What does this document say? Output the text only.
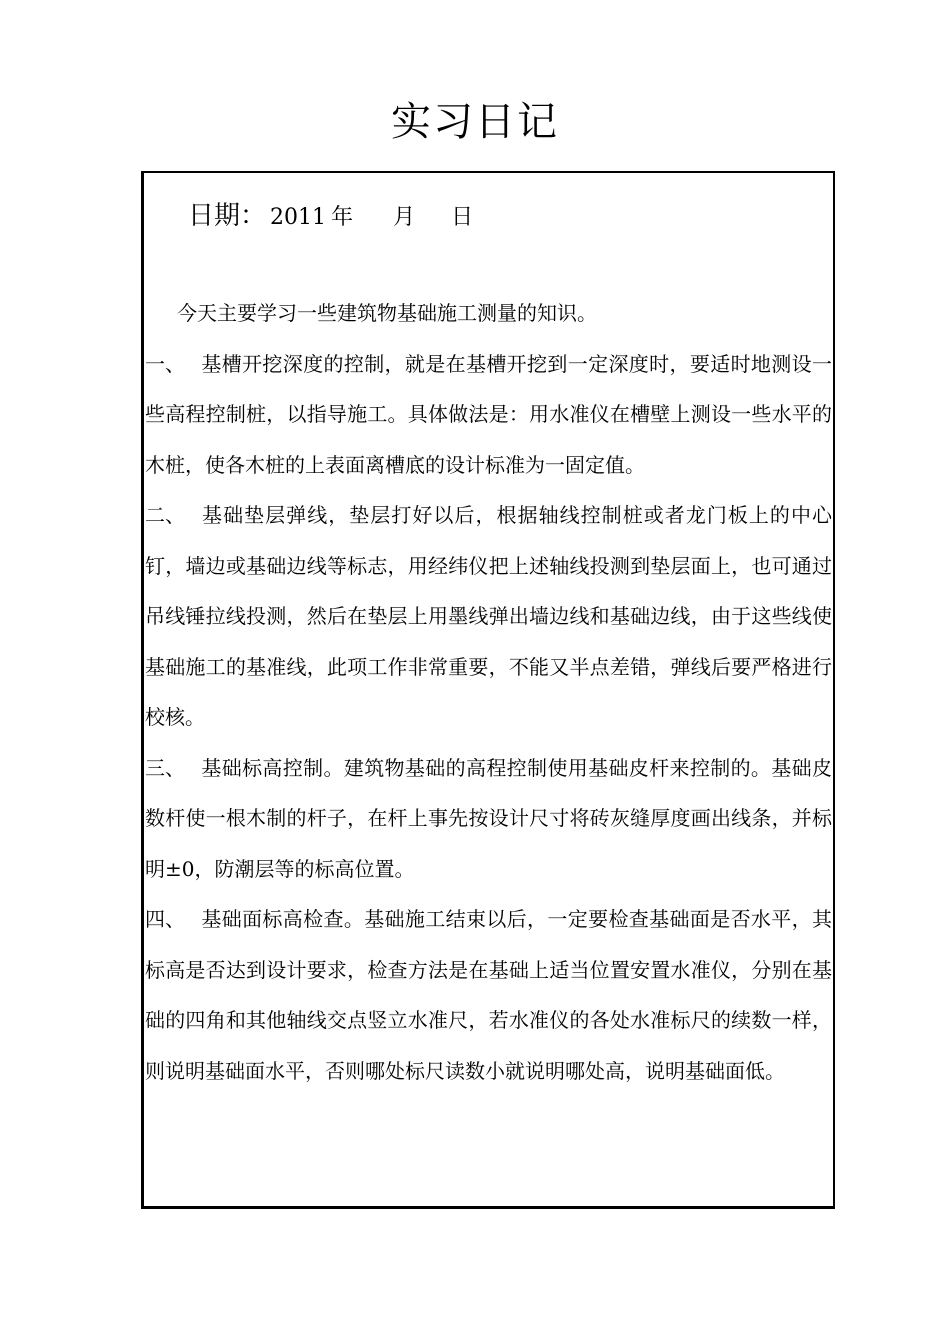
实习日记
日期： 2011 年 月 日

今天主要学习一些建筑物基础施工测量的知识。

一、 基槽开挖深度的控制，就是在基槽开挖到一定深度时，要适时地测设一些高程控制桩，以指导施工。具体做法是：用水准仪在槽壁上测设一些水平的木桩，使各木桩的上表面离槽底的设计标准为一固定值。

二、 基础垫层弹线，垫层打好以后，根据轴线控制桩或者龙门板上的中心钉，墙边或基础边线等标志，用经纬仪把上述轴线投测到垫层面上，也可通过吊线锤拉线投测，然后在垫层上用墨线弹出墙边线和基础边线，由于这些线使基础施工的基准线，此项工作非常重要，不能又半点差错，弹线后要严格进行校核。

三、 基础标高控制。建筑物基础的高程控制使用基础皮杆来控制的。基础皮数杆使一根木制的杆子，在杆上事先按设计尺寸将砖灰缝厚度画出线条，并标明±0，防潮层等的标高位置。

四、 基础面标高检查。基础施工结束以后，一定要检查基础面是否水平，其标高是否达到设计要求，检查方法是在基础上适当位置安置水准仪，分别在基础的四角和其他轴线交点竖立水准尺，若水准仪的各处水准标尺的续数一样，则说明基础面水平，否则哪处标尺读数小就说明哪处高，说明基础面低。
